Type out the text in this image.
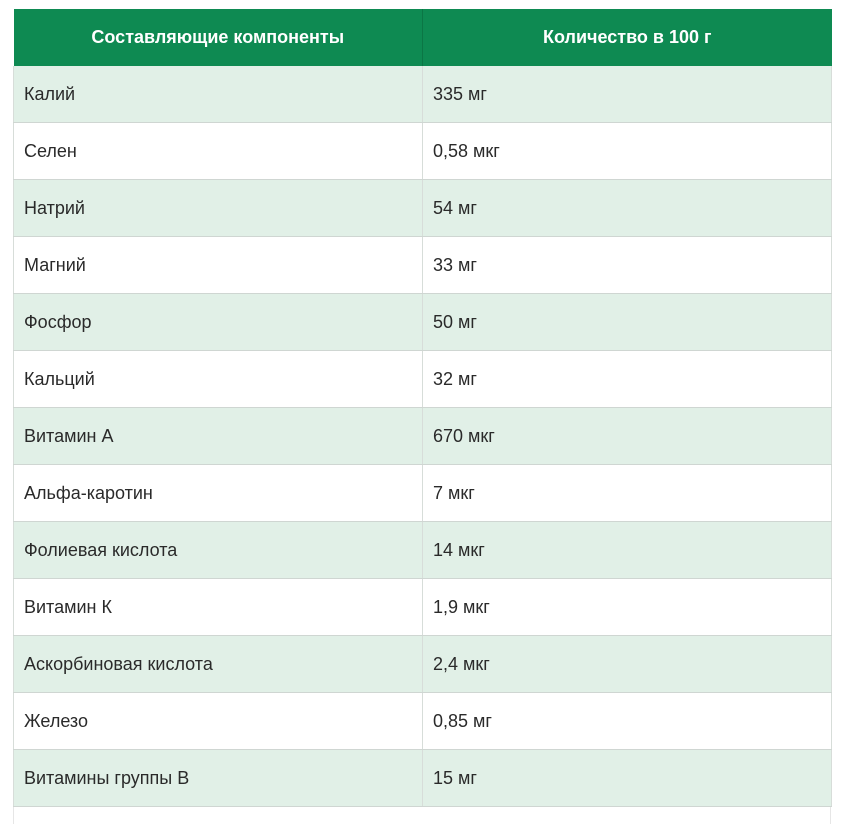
Составляющие компоненты	Количество в 100 г
Калий	335 мг
Селен	0,58 мкг
Натрий	54 мг
Магний	33 мг
Фосфор	50 мг
Кальций	32 мг
Витамин А	670 мкг
Альфа-каротин	7 мкг
Фолиевая кислота	14 мкг
Витамин К	1,9 мкг
Аскорбиновая кислота	2,4 мкг
Железо	0,85 мг
Витамины группы В	15 мг
